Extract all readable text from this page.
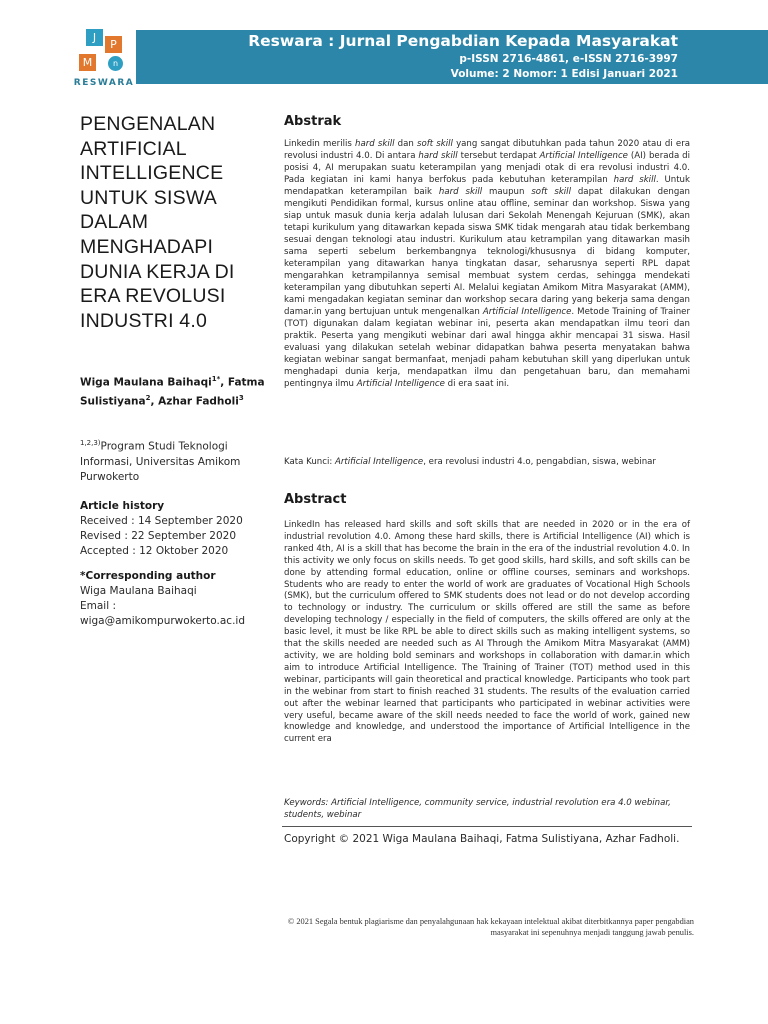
J
P
M	n
RESWARA
Reswara : Jurnal Pengabdian Kepada Masyarakat
p-ISSN 2716-4861, e-ISSN 2716-3997
Volume: 2 Nomor: 1 Edisi Januari 2021
PENGENALAN ARTIFICIAL INTELLIGENCE UNTUK SISWA DALAM MENGHADAPI DUNIA KERJA DI ERA REVOLUSI INDUSTRI 4.0
Wiga Maulana Baihaqi$^{1*}$, Fatma Sulistiyana$^2$, Azhar Fadholi$^3$
$^{1,2,3)}$Program Studi Teknologi Informasi, Universitas Amikom Purwokerto
Article history
Received : 14 September 2020
Revised : 22 September 2020
Accepted : 12 Oktober 2020
*Corresponding author
Wiga Maulana Baihaqi
Email :
wiga@amikompurwokerto.ac.id
Abstrak

Linkedin merilis hard skill dan soft skill yang sangat dibutuhkan pada tahun 2020 atau di era revolusi industri 4.0. Di antara hard skill tersebut terdapat Artificial Intelligence (AI) berada di posisi 4, AI merupakan suatu keterampilan yang menjadi otak di era revolusi industri 4.0. Pada kegiatan ini kami hanya berfokus pada kebutuhan keterampilan hard skill. Untuk mendapatkan keterampilan baik hard skill maupun soft skill dapat dilakukan dengan mengikuti Pendidikan formal, kursus online atau offline, seminar dan workshop. Siswa yang siap untuk masuk dunia kerja adalah lulusan dari Sekolah Menengah Kejuruan (SMK), akan tetapi kurikulum yang ditawarkan kepada siswa SMK tidak mengarah atau tidak berkembang sesuai dengan teknologi atau industri. Kurikulum atau ketrampilan yang ditawarkan masih sama seperti sebelum berkembangnya teknologi/khususnya di bidang komputer, keterampilan yang ditawarkan hanya tingkatan dasar, seharusnya seperti RPL dapat mengarahkan ketrampilannya semisal membuat system cerdas, sehingga mendekati keterampilan yang dibutuhkan seperti AI. Melalui kegiatan Amikom Mitra Masyarakat (AMM), kami mengadakan kegiatan seminar dan workshop secara daring yang bekerja sama dengan damar.in yang bertujuan untuk mengenalkan Artificial Intelligence. Metode Training of Trainer (TOT) digunakan dalam kegiatan webinar ini, peserta akan mendapatkan ilmu teori dan praktik. Peserta yang mengikuti webinar dari awal hingga akhir mencapai 31 siswa. Hasil evaluasi yang dilakukan setelah webinar didapatkan bahwa peserta menyatakan bahwa kegiatan webinar sangat bermanfaat, menjadi paham kebutuhan skill yang diperlukan untuk menghadapi dunia kerja, mendapatkan ilmu dan pengetahuan baru, dan memahami pentingnya ilmu Artificial Intelligence di era saat ini.

Kata Kunci: Artificial Intelligence, era revolusi industri 4.o, pengabdian, siswa, webinar

Abstract

LinkedIn has released hard skills and soft skills that are needed in 2020 or in the era of industrial revolution 4.0. Among these hard skills, there is Artificial Intelligence (AI) which is ranked 4th, AI is a skill that has become the brain in the era of the industrial revolution 4.0. In this activity we only focus on skills needs. To get good skills, hard skills, and soft skills can be done by attending formal education, online or offline courses, seminars and workshops. Students who are ready to enter the world of work are graduates of Vocational High Schools (SMK), but the curriculum offered to SMK students does not lead or do not develop according to technology or industry. The curriculum or skills offered are still the same as before developing technology / especially in the field of computers, the skills offered are only at the basic level, it must be like RPL be able to direct skills such as making intelligent systems, so that the skills needed are needed such as AI Through the Amikom Mitra Masyarakat (AMM) activity, we are holding bold seminars and workshops in collaboration with damar.in which aim to introduce Artificial Intelligence. The Training of Trainer (TOT) method used in this webinar, participants will gain theoretical and practical knowledge. Participants who took part in the webinar from start to finish reached 31 students. The results of the evaluation carried out after the webinar learned that participants who participated in webinar activities were very useful, became aware of the skill needs needed to face the world of work, gained new knowledge and knowledge, and understood the importance of Artificial Intelligence in the current era

Keywords: Artificial Intelligence, community service, industrial revolution era 4.0 webinar, students, webinar

Copyright © 2021 Wiga Maulana Baihaqi, Fatma Sulistiyana, Azhar Fadholi.

© 2021 Segala bentuk plagiarisme dan penyalahgunaan hak kekayaan intelektual akibat diterbitkannya paper pengabdian masyarakat ini sepenuhnya menjadi tanggung jawab penulis.
